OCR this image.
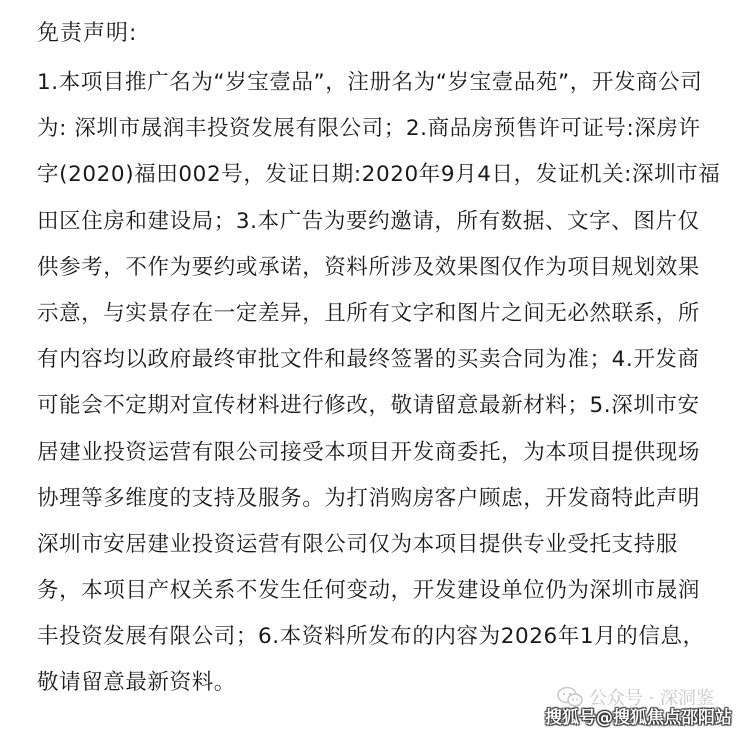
免责声明:
1.本项目推广名为“岁宝壹品”，注册名为“岁宝壹品苑”，开发商公司
为: 深圳市晟润丰投资发展有限公司；2.商品房预售许可证号:深房许
字(2020)福田002号，发证日期:2020年9月4日，发证机关:深圳市福
田区住房和建设局；3.本广告为要约邀请，所有数据、文字、图片仅
供参考，不作为要约或承诺，资料所涉及效果图仅作为项目规划效果
示意，与实景存在一定差异，且所有文字和图片之间无必然联系，所
有内容均以政府最终审批文件和最终签署的买卖合同为准；4.开发商
可能会不定期对宣传材料进行修改，敬请留意最新材料；5.深圳市安
居建业投资运营有限公司接受本项目开发商委托，为本项目提供现场
协理等多维度的支持及服务。为打消购房客户顾虑，开发商特此声明
深圳市安居建业投资运营有限公司仅为本项目提供专业受托支持服
务，本项目产权关系不发生任何变动，开发建设单位仍为深圳市晟润
丰投资发展有限公司；6.本资料所发布的内容为2026年1月的信息，
敬请留意最新资料。
公众号 · 深洞鉴
搜狐号@搜狐焦点邵阳站
